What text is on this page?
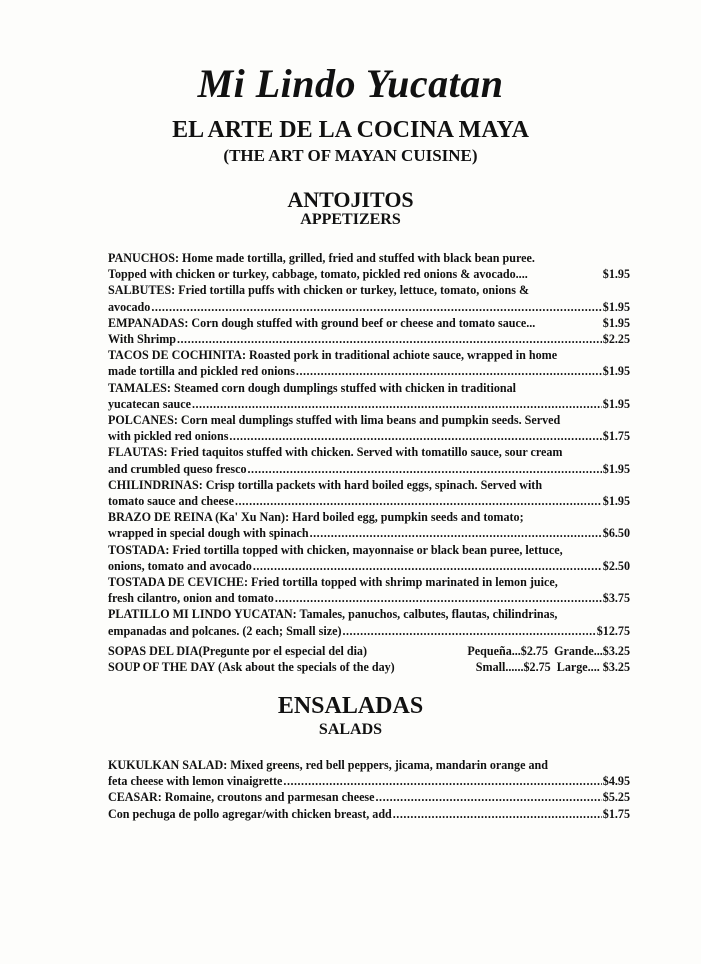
Mi Lindo Yucatan
EL ARTE DE LA COCINA MAYA
(THE ART OF MAYAN CUISINE)
ANTOJITOS
APPETIZERS
PANUCHOS: Home made tortilla, grilled, fried and stuffed with black bean puree.
Topped with chicken or turkey, cabbage, tomato, pickled red onions & avocado....	$1.95
SALBUTES: Fried tortilla puffs with chicken or turkey, lettuce, tomato, onions &
avocado .....	$1.95
EMPANADAS: Corn dough stuffed with ground beef or cheese and tomato sauce...	$1.95
With Shrimp .....	$2.25
TACOS DE COCHINITA: Roasted pork in traditional achiote sauce, wrapped in home
made tortilla and pickled red onions .....	$1.95
TAMALES: Steamed corn dough dumplings stuffed with chicken in traditional
yucatecan sauce .....	$1.95
POLCANES: Corn meal dumplings stuffed with lima beans and pumpkin seeds. Served
with pickled red onions .....	$1.75
FLAUTAS: Fried taquitos stuffed with chicken. Served with tomatillo sauce, sour cream
and crumbled queso fresco .....	$1.95
CHILINDRINAS: Crisp tortilla packets with hard boiled eggs, spinach. Served with
tomato sauce and cheese .....	$1.95
BRAZO DE REINA (Ka' Xu Nan): Hard boiled egg, pumpkin seeds and tomato;
wrapped in special dough with spinach .....	$6.50
TOSTADA: Fried tortilla topped with chicken, mayonnaise or black bean puree, lettuce,
onions, tomato and avocado .....	$2.50
TOSTADA DE CEVICHE: Fried tortilla topped with shrimp marinated in lemon juice,
fresh cilantro, onion and tomato .....	$3.75
PLATILLO MI LINDO YUCATAN: Tamales, panuchos, calbutes, flautas, chilindrinas,
empanadas and polcanes. (2 each; Small size) .....	$12.75
SOPAS DEL DIA(Pregunte por el especial del dia)	Pequeña...$2.75  Grande...$3.25
SOUP OF THE DAY (Ask about the specials of the day)	Small......$2.75  Large.... $3.25
ENSALADAS
SALADS
KUKULKAN SALAD: Mixed greens, red bell peppers, jicama, mandarin orange and
feta cheese with lemon vinaigrette .....	$4.95
CEASAR: Romaine, croutons and parmesan cheese .....	$5.25
Con pechuga de pollo agregar/with chicken breast, add .....	$1.75
